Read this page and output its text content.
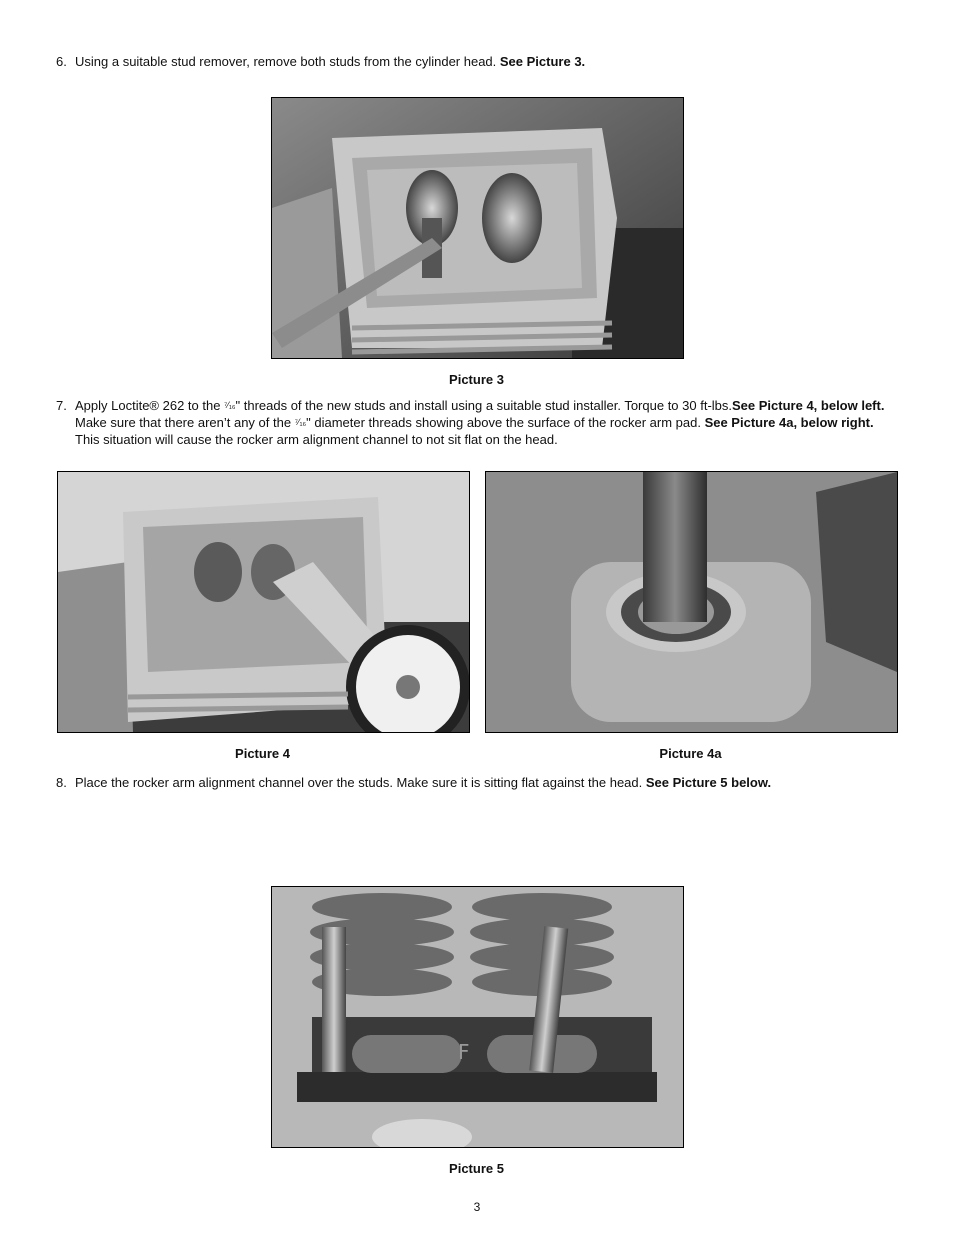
6. Using a suitable stud remover, remove both studs from the cylinder head. See Picture 3.
Picture 3
7. Apply Loctite® 262 to the ⁷⁄₁₆" threads of the new studs and install using a suitable stud installer. Torque to 30 ft-lbs.See Picture 4, below left. Make sure that there aren’t any of the ⁷⁄₁₆" diameter threads showing above the surface of the rocker arm pad. See Picture 4a, below right. This situation will cause the rocker arm alignment channel to not sit flat on the head.
Picture 4	Picture 4a
8. Place the rocker arm alignment channel over the studs. Make sure it is sitting flat against the head. See Picture 5 below.
F
Picture 5
3
